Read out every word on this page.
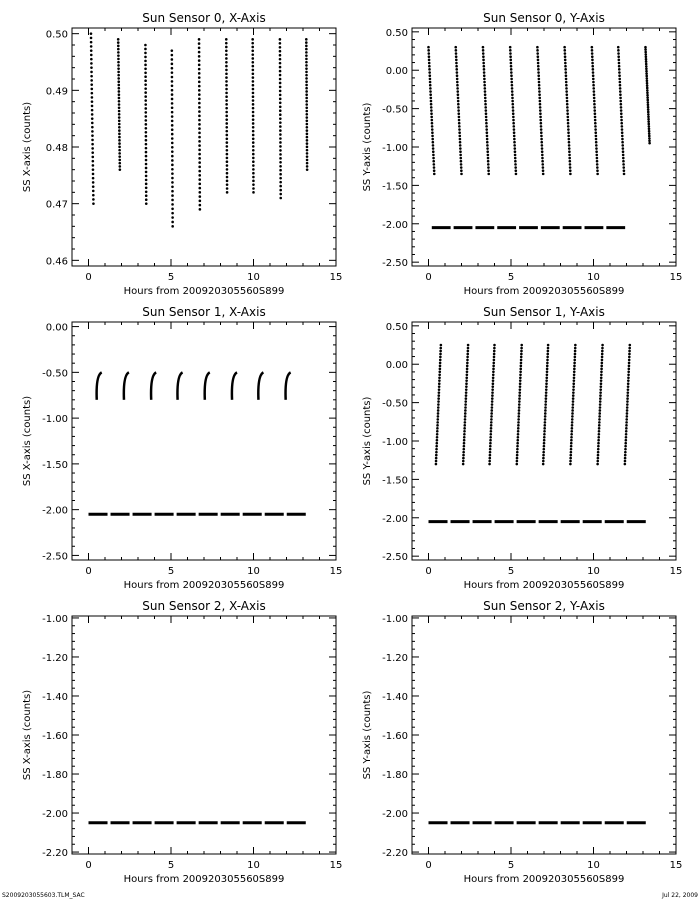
Sun Sensor 0, X-Axis
0	5	10	15
0.46
0.47
0.48
0.49
0.50
Hours from 200920305560S899
SS X-axis (counts)
Sun Sensor 0, Y-Axis
0	5	10	15
-2.50
-2.00
-1.50
-1.00
-0.50
0.00
0.50
Hours from 200920305560S899
SS Y-axis (counts)
Sun Sensor 1, X-Axis
0	5	10	15
-2.50
-2.00
-1.50
-1.00
-0.50
0.00
Hours from 200920305560S899
SS X-axis (counts)
Sun Sensor 1, Y-Axis
0	5	10	15
-2.50
-2.00
-1.50
-1.00
-0.50
0.00
0.50
Hours from 200920305560S899
SS Y-axis (counts)
Sun Sensor 2, X-Axis
0	5	10	15
-2.20
-2.00
-1.80
-1.60
-1.40
-1.20
-1.00
Hours from 200920305560S899
SS X-axis (counts)
Sun Sensor 2, Y-Axis
0	5	10	15
-2.20
-2.00
-1.80
-1.60
-1.40
-1.20
-1.00
Hours from 200920305560S899
SS Y-axis (counts)
S2009203055603.TLM_SAC	Jul 22, 2009
